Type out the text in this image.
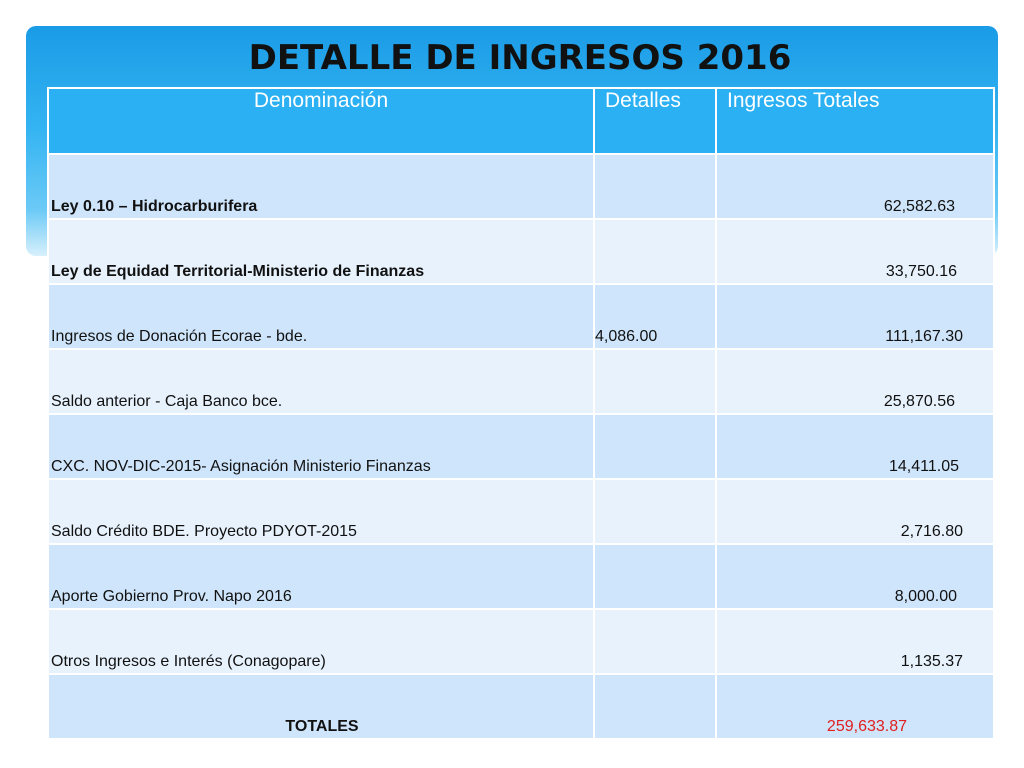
DETALLE DE INGRESOS 2016
Denominación	Detalles	Ingresos Totales
Ley 0.10 – Hidrocarburifera		62,582.63
Ley de Equidad Territorial-Ministerio de Finanzas		33,750.16
Ingresos de Donación Ecorae - bde.	4,086.00	111,167.30
Saldo anterior - Caja Banco bce.		25,870.56
CXC. NOV-DIC-2015- Asignación Ministerio Finanzas		14,411.05
Saldo Crédito BDE. Proyecto PDYOT-2015		2,716.80
Aporte Gobierno Prov. Napo 2016		8,000.00
Otros Ingresos e Interés (Conagopare)		1,135.37
TOTALES		259,633.87
